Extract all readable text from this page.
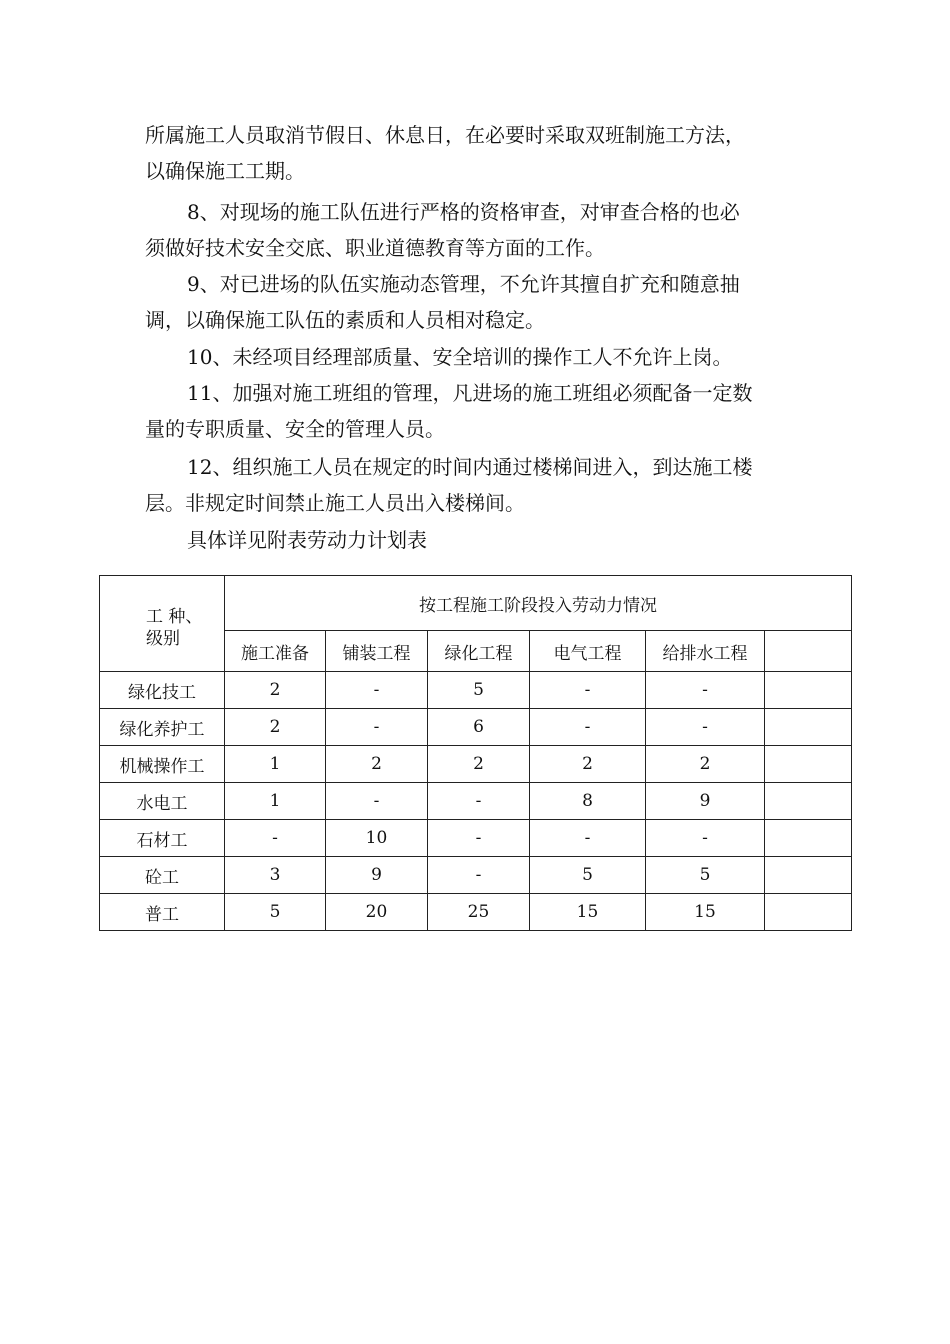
所属施工人员取消节假日、休息日，在必要时采取双班制施工方法，
以确保施工工期。

8、对现场的施工队伍进行严格的资格审查，对审查合格的也必
须做好技术安全交底、职业道德教育等方面的工作。

9、对已进场的队伍实施动态管理，不允许其擅自扩充和随意抽
调，以确保施工队伍的素质和人员相对稳定。

10、未经项目经理部质量、安全培训的操作工人不允许上岗。

11、加强对施工班组的管理，凡进场的施工班组必须配备一定数
量的专职质量、安全的管理人员。

12、组织施工人员在规定的时间内通过楼梯间进入，到达施工楼
层。非规定时间禁止施工人员出入楼梯间。

具体详见附表劳动力计划表

工 种、
级别	按工程施工阶段投入劳动力情况					
	施工准备	铺装工程	绿化工程	电气工程	给排水工程	
绿化技工	2	-	5	-	-	
绿化养护工	2	-	6	-	-	
机械操作工	1	2	2	2	2	
水电工	1	-	-	8	9	
石材工	-	10	-	-	-	
砼工	3	9	-	5	5	
普工	5	20	25	15	15	
